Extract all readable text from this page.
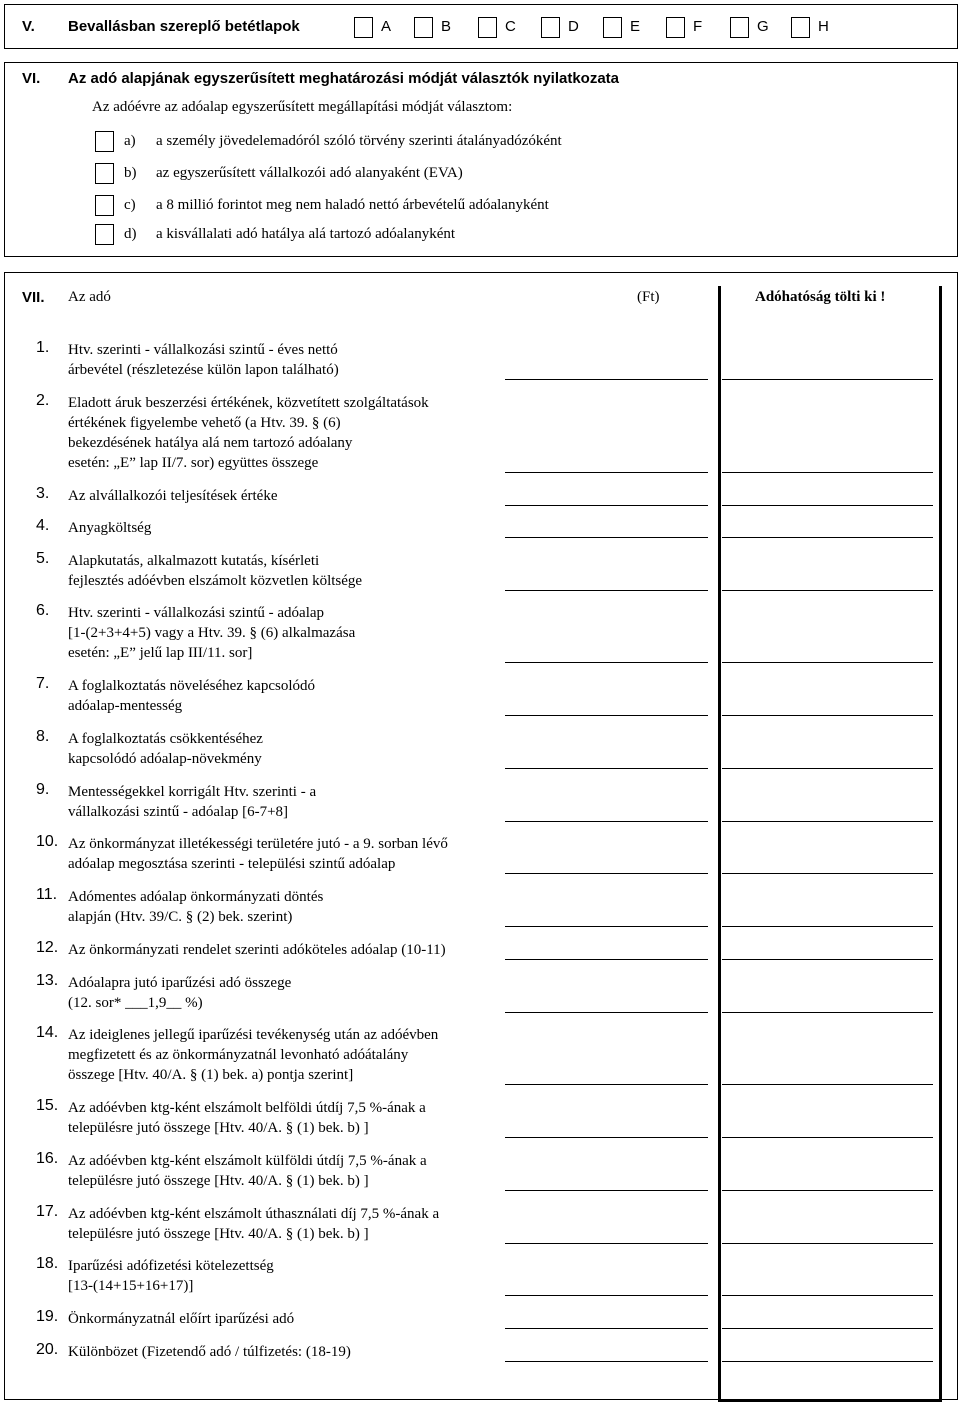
V. Bevallásban szereplő betétlapok	A	B	C	D	E	F	G	H
VI. Az adó alapjának egyszerűsített meghatározási módját választók nyilatkozata
Az adóévre az adóalap egyszerűsített megállapítási módját választom:
a) a személy jövedelemadóról szóló törvény szerinti átalányadózóként
b) az egyszerűsített vállalkozói adó alanyaként (EVA)
c) a 8 millió forintot meg nem haladó nettó árbevételű adóalanyként
d) a kisvállalati adó hatálya alá tartozó adóalanyként
VII. Az adó	(Ft)	Adóhatóság tölti ki !
1. Htv. szerinti - vállalkozási szintű - éves nettó
árbevétel (részletezése külön lapon található)
2. Eladott áruk beszerzési értékének, közvetített szolgáltatások
értékének figyelembe vehető (a Htv. 39. § (6)
bekezdésének hatálya alá nem tartozó adóalany
esetén: „E” lap II/7. sor) együttes összege
3. Az alvállalkozói teljesítések értéke
4. Anyagköltség
5. Alapkutatás, alkalmazott kutatás, kísérleti
fejlesztés adóévben elszámolt közvetlen költsége
6. Htv. szerinti - vállalkozási szintű - adóalap
[1-(2+3+4+5) vagy a Htv. 39. § (6) alkalmazása
esetén: „E” jelű lap III/11. sor]
7. A foglalkoztatás növeléséhez kapcsolódó
adóalap-mentesség
8. A foglalkoztatás csökkentéséhez
kapcsolódó adóalap-növekmény
9. Mentességekkel korrigált Htv. szerinti - a
vállalkozási szintű - adóalap [6-7+8]
10. Az önkormányzat illetékességi területére jutó - a 9. sorban lévő
adóalap megosztása szerinti - települési szintű adóalap
11. Adómentes adóalap önkormányzati döntés
alapján (Htv. 39/C. § (2) bek. szerint)
12. Az önkormányzati rendelet szerinti adóköteles adóalap (10-11)
13. Adóalapra jutó iparűzési adó összege
(12. sor* ___1,9__ %)
14. Az ideiglenes jellegű iparűzési tevékenység után az adóévben
megfizetett és az önkormányzatnál levonható adóátalány
összege [Htv. 40/A. § (1) bek. a) pontja szerint]
15. Az adóévben ktg-ként elszámolt belföldi útdíj 7,5 %-ának a
településre jutó összege [Htv. 40/A. § (1) bek. b) ]
16. Az adóévben ktg-ként elszámolt külföldi útdíj 7,5 %-ának a
településre jutó összege [Htv. 40/A. § (1) bek. b) ]
17. Az adóévben ktg-ként elszámolt úthasználati díj 7,5 %-ának a
településre jutó összege [Htv. 40/A. § (1) bek. b) ]
18. Iparűzési adófizetési kötelezettség
[13-(14+15+16+17)]
19. Önkormányzatnál előírt iparűzési adó
20. Különbözet (Fizetendő adó / túlfizetés: (18-19)
